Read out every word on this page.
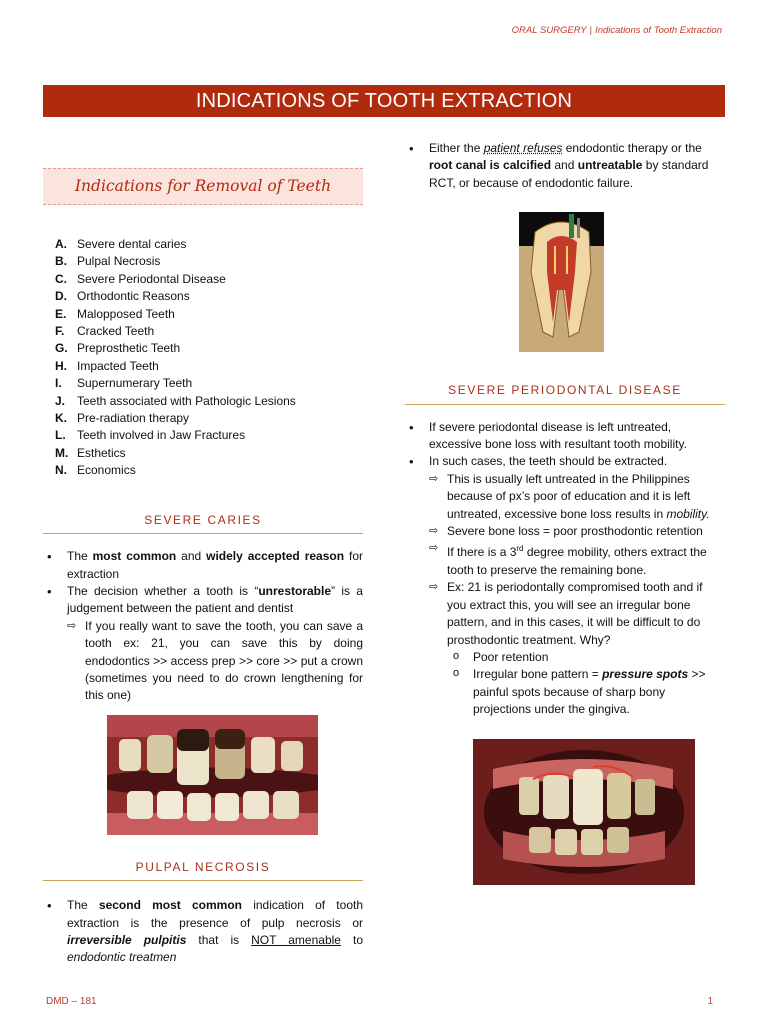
ORAL SURGERY | Indications of Tooth Extraction
INDICATIONS OF TOOTH EXTRACTION
Indications for Removal of Teeth
A. Severe dental caries
B. Pulpal Necrosis
C. Severe Periodontal Disease
D. Orthodontic Reasons
E. Malopposed Teeth
F.	Cracked Teeth
G. Preprosthetic Teeth
H. Impacted Teeth
I.	Supernumerary Teeth
J. Teeth associated with Pathologic Lesions
K. Pre-radiation therapy
L. Teeth involved in Jaw Fractures
M. Esthetics
N. Economics
SEVERE CARIES
• The most common and widely accepted reason for extraction
• The decision whether a tooth is “unrestorable” is a judgement between the patient and dentist
⇨ If you really want to save the tooth, you can save a tooth ex: 21, you can save this by doing endodontics >> access prep >> core >> put a crown (sometimes you need to do crown lengthening for this one)
PULPAL NECROSIS
• The second most common indication of tooth extraction is the presence of pulp necrosis or irreversible pulpitis that is NOT amenable to endodontic treatmen
• Either the patient refuses endodontic therapy or the root canal is calcified and untreatable by standard RCT, or because of endodontic failure.
SEVERE PERIODONTAL DISEASE
• If severe periodontal disease is left untreated, excessive bone loss with resultant tooth mobility.
• In such cases, the teeth should be extracted.
⇨ This is usually left untreated in the Philippines because of px’s poor of education and it is left untreated, excessive bone loss results in mobility.
⇨ Severe bone loss = poor prosthodontic retention
⇨ If there is a 3rd degree mobility, others extract the tooth to preserve the remaining bone.
⇨ Ex: 21 is periodontally compromised tooth and if you extract this, you will see an irregular bone pattern, and in this cases, it will be difficult to do prosthodontic treatment. Why?
o Poor retention
o Irregular bone pattern = pressure spots >> painful spots because of sharp bony projections under the gingiva.
DMD – 181	1
